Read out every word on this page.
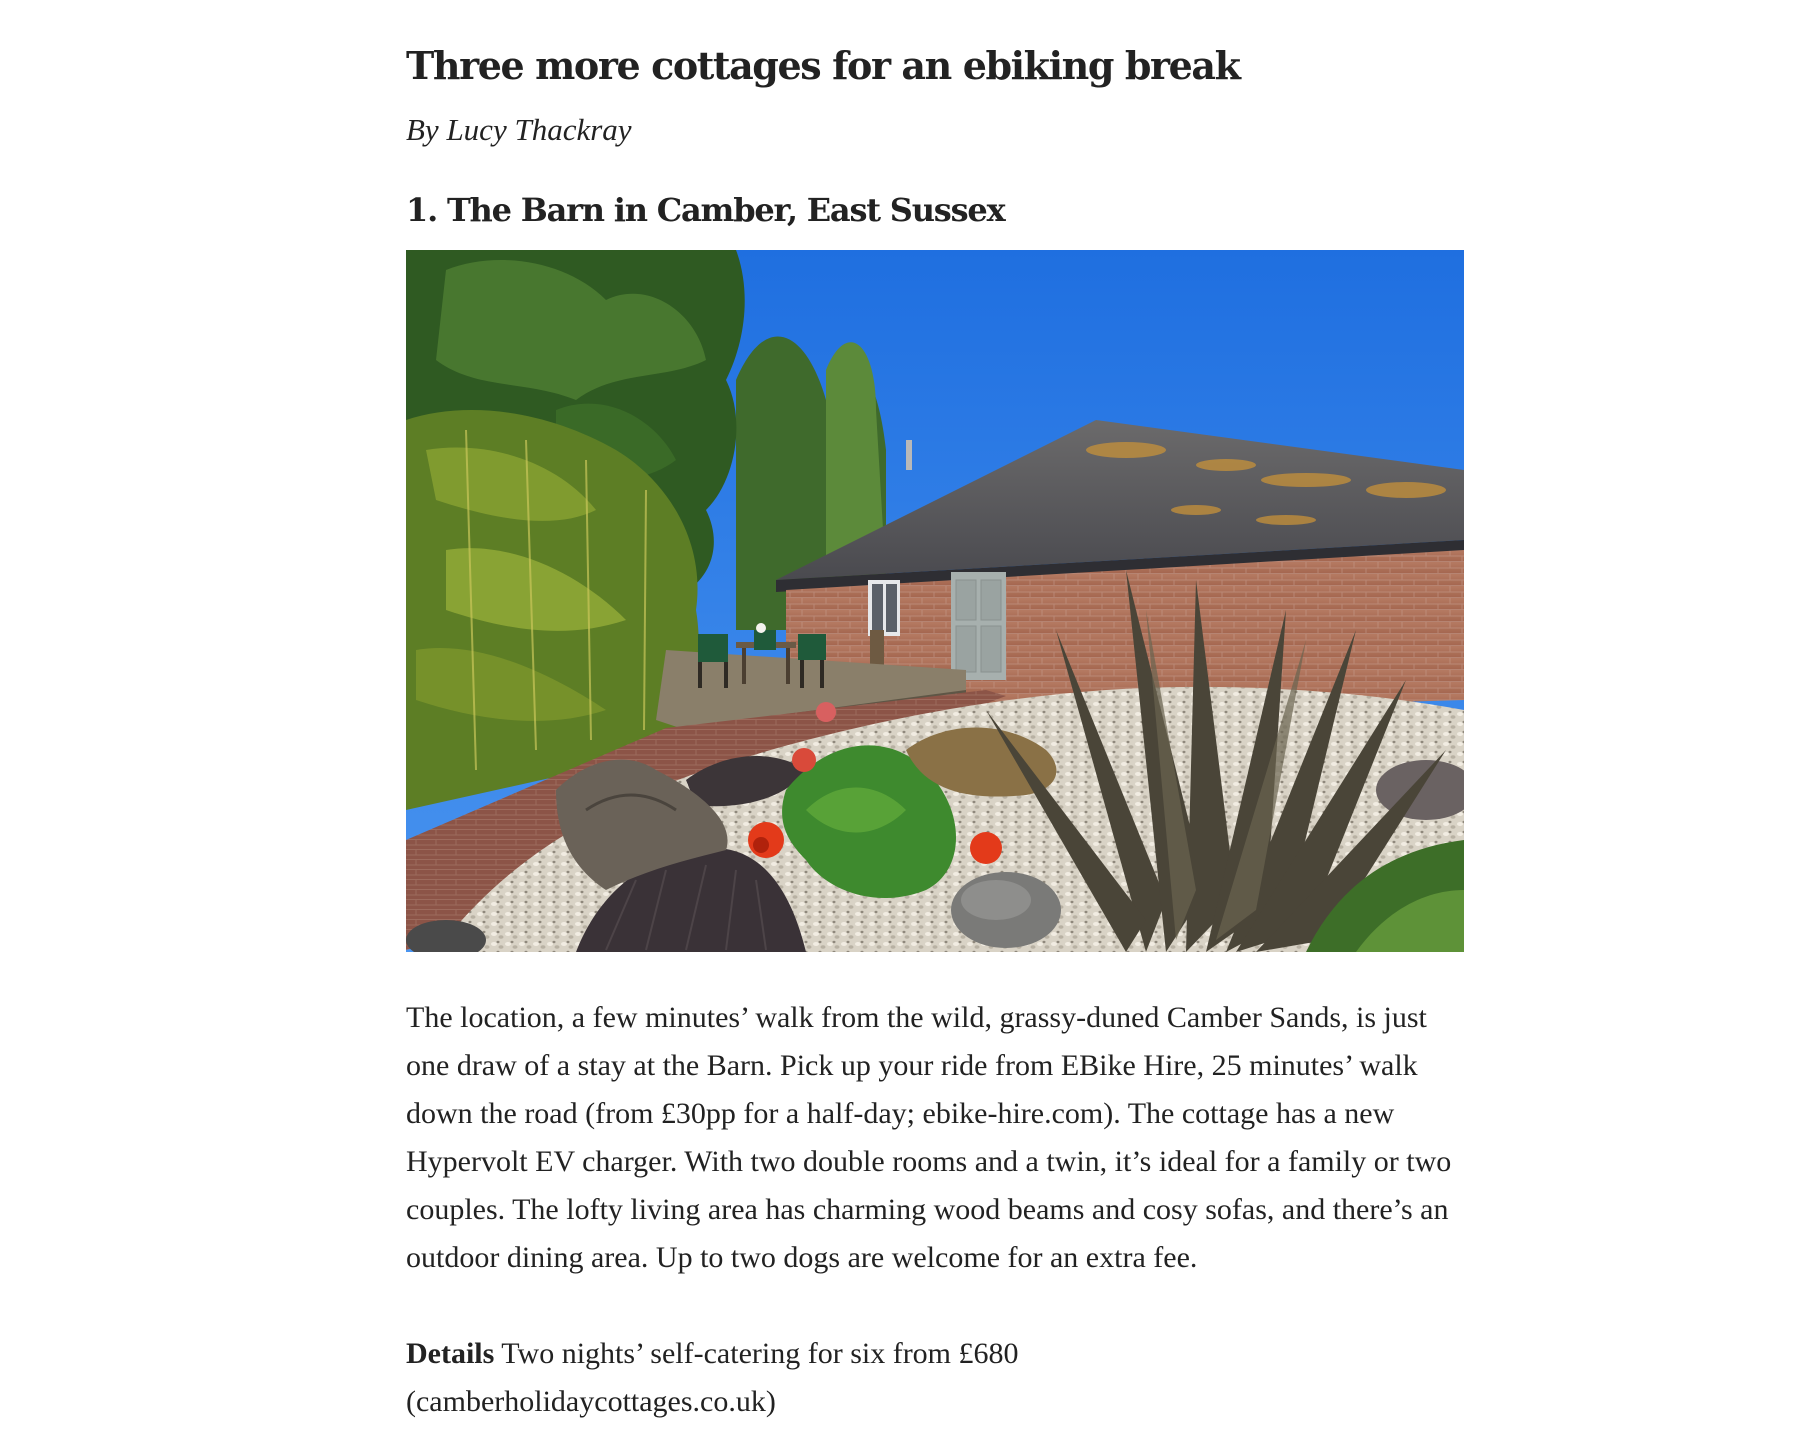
Three more cottages for an ebiking break

By Lucy Thackray

1. The Barn in Camber, East Sussex

The location, a few minutes’ walk from the wild, grassy-duned Camber Sands, is just one draw of a stay at the Barn. Pick up your ride from EBike Hire, 25 minutes’ walk down the road (from £30pp for a half-day; ebike-hire.com). The cottage has a new Hypervolt EV charger. With two double rooms and a twin, it’s ideal for a family or two couples. The lofty living area has charming wood beams and cosy sofas, and there’s an outdoor dining area. Up to two dogs are welcome for an extra fee.

Details Two nights’ self-catering for six from £680
(camberholidaycottages.co.uk)
